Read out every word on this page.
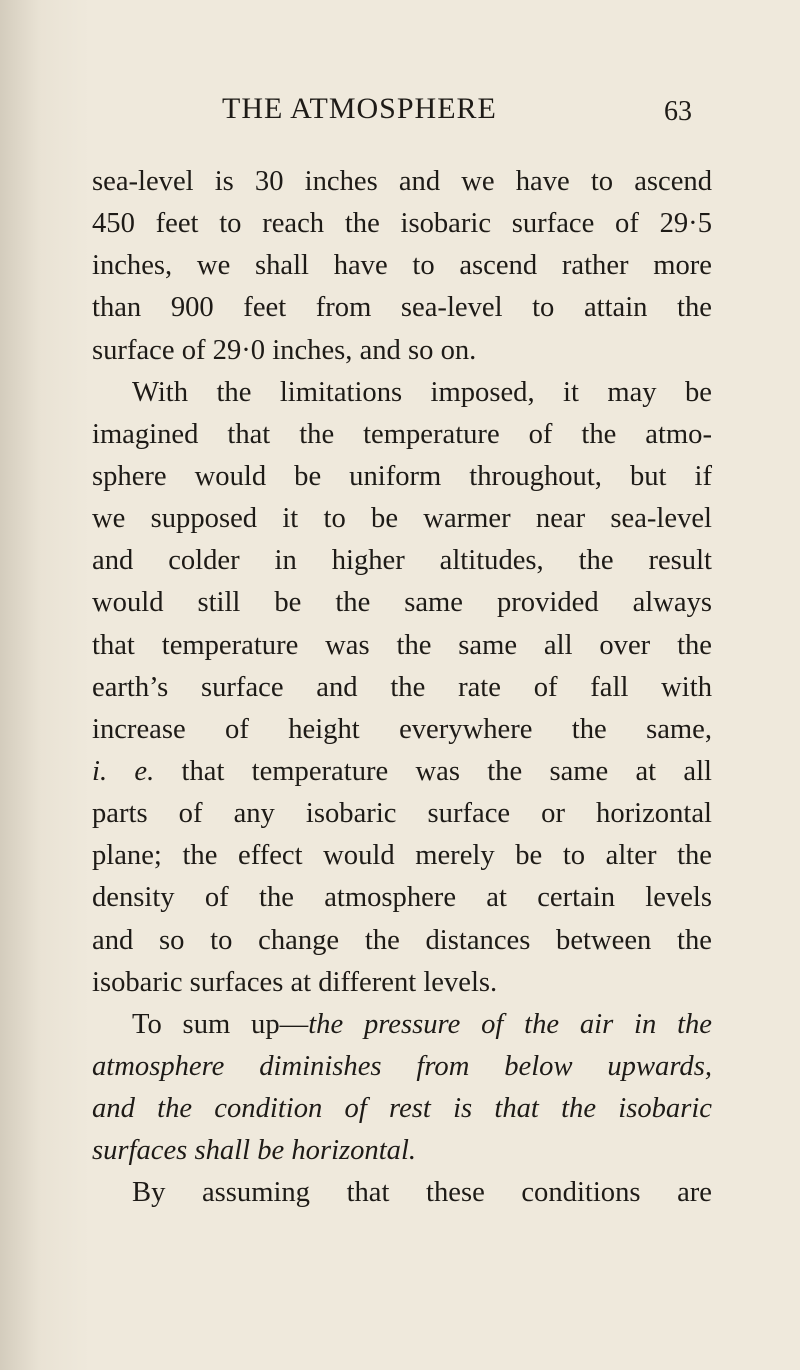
THE ATMOSPHERE	63
sea-level is 30 inches and we have to ascend
450 feet to reach the isobaric surface of 29·5
inches, we shall have to ascend rather more
than 900 feet from sea-level to attain the
surface of 29·0 inches, and so on.
With the limitations imposed, it may be
imagined that the temperature of the atmo-
sphere would be uniform throughout, but if
we supposed it to be warmer near sea-level
and colder in higher altitudes, the result
would still be the same provided always
that temperature was the same all over the
earth’s surface and the rate of fall with
increase of height everywhere the same,
i. e. that temperature was the same at all
parts of any isobaric surface or horizontal
plane; the effect would merely be to alter the
density of the atmosphere at certain levels
and so to change the distances between the
isobaric surfaces at different levels.
To sum up—the pressure of the air in the
atmosphere diminishes from below upwards,
and the condition of rest is that the isobaric
surfaces shall be horizontal.
By assuming that these conditions are
